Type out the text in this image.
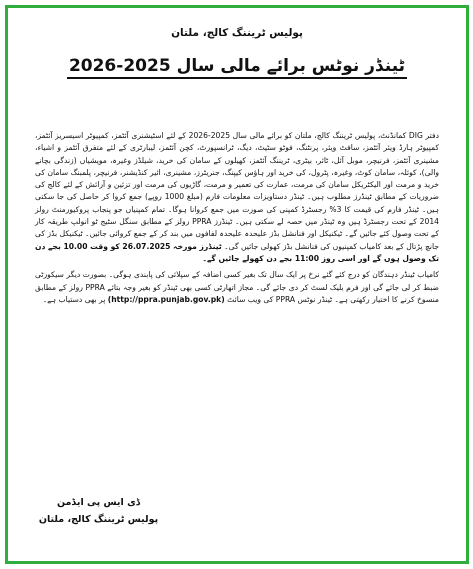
پولیس ٹریننگ کالج، ملتان
ٹینڈر نوٹس برائے مالی سال 2025-2026

دفتر DIG کمانڈنٹ، پولیس ٹریننگ کالج، ملتان کو برائے مالی سال 2025-2026 کے لئے اسٹیشنری آئٹمز، کمپیوٹر اسیسریز آئٹمز، کمپیوٹر ہارڈ ویئر آئٹمز، سافٹ ویئر، پرنٹنگ، فوٹو سٹیٹ، دیگ، ٹرانسپورٹ، کچن آئٹمز، لیبارٹری کے لئے متفرق آئٹمز و اشیاء، مشینری آئٹمز، فرنیچر، موبل آئل، ٹائر، بیٹری، ٹریننگ آئٹمز، کھیلوں کے سامان کی خرید، شیلڈز وغیرہ، مویشیاں (زندگی بچانے والی)، کوئلہ، سامان کوٹ، وغیرہ، پٹرول، کی خرید اور ہاؤس کیپنگ، جنریٹرز، مشینری، ائیر کنڈیشنر، فرنیچر، پلمبنگ سامان کی خرید و مرمت اور الیکٹریکل سامان کی مرمت، عمارت کی تعمیر و مرمت، گاڑیوں کی مرمت اور تزئین و آرائش کے لئے کالج کی ضروریات کے مطابق ٹینڈرز مطلوب ہیں۔ ٹینڈر دستاویزات معلومات فارم (مبلغ 1000 روپے) جمع کروا کر حاصل کی جا سکتی ہیں۔ ٹینڈر فارم کی قیمت کا 3% رجسٹرڈ کمپنی کی صورت میں جمع کروانا ہوگا۔ تمام کمپنیاں جو پنجاب پروکیورمنٹ رولز 2014 کے تحت رجسٹرڈ ہیں وہ ٹینڈر میں حصہ لے سکتی ہیں۔ ٹینڈرز PPRA رولز کے مطابق سنگل سٹیج ٹو انولپ طریقہ کار کے تحت وصول کئے جائیں گے۔ ٹیکنیکل اور فنانشل بڈز علیحدہ علیحدہ لفافوں میں بند کر کے جمع کروائی جائیں۔ ٹیکنیکل بڈز کی جانچ پڑتال کے بعد کامیاب کمپنیوں کی فنانشل بڈز کھولی جائیں گی۔ ٹینڈرز مورخہ 26.07.2025 کو وقت 10.00 بجے دن تک وصول ہوں گے اور اسی روز 11:00 بجے دن کھولے جائیں گے۔

کامیاب ٹینڈر دہندگان کو درج کئے گئے نرخ پر ایک سال تک بغیر کسی اضافہ کے سپلائی کی پابندی ہوگی۔ بصورت دیگر سیکورٹی ضبط کر لی جائے گی اور فرم بلیک لسٹ کر دی جائے گی۔ مجاز اتھارٹی کسی بھی ٹینڈر کو بغیر وجہ بتائے PPRA رولز کے مطابق منسوخ کرنے کا اختیار رکھتی ہے۔ ٹینڈر نوٹس PPRA کی ویب سائٹ (http://ppra.punjab.gov.pk) پر بھی دستیاب ہے۔

ڈی ایس پی ایڈمن
پولیس ٹریننگ کالج، ملتان
